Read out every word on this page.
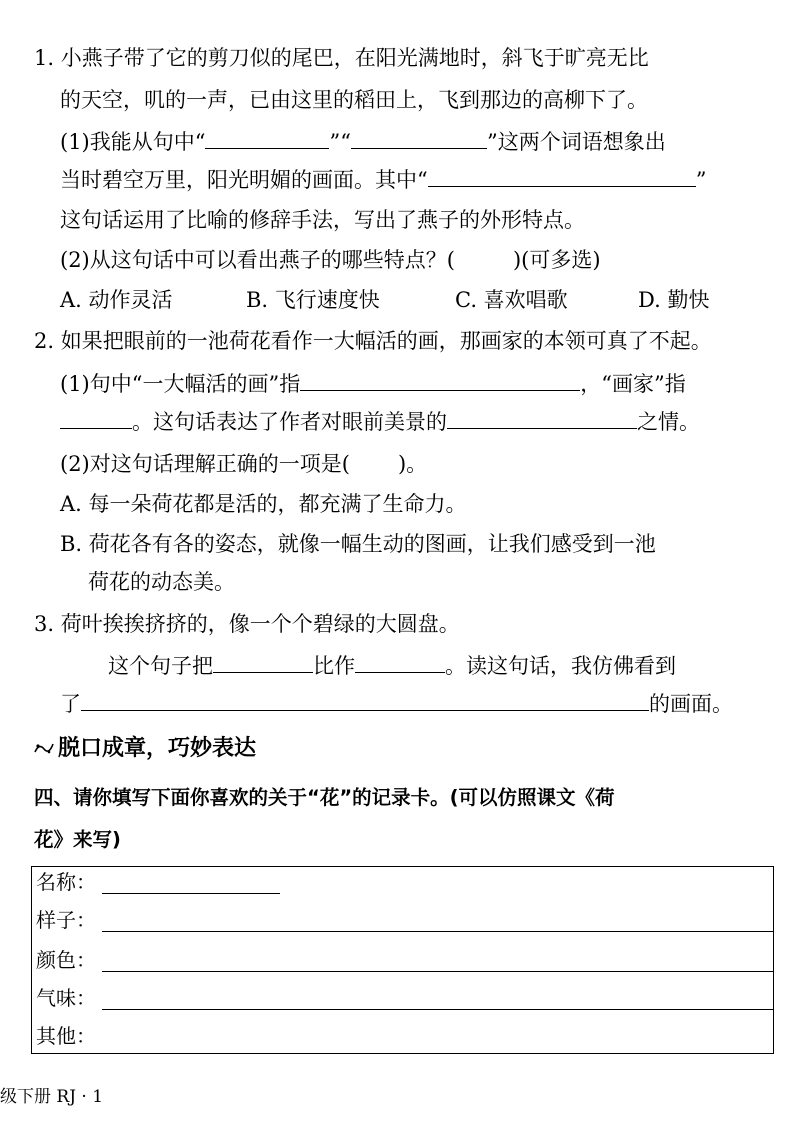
1. 小燕子带了它的剪刀似的尾巴，在阳光满地时，斜飞于旷亮无比
的天空，叽的一声，已由这里的稻田上，飞到那边的高柳下了。
(1)我能从句中“	”“	”这两个词语想象出
当时碧空万里，阳光明媚的画面。其中“	”
这句话运用了比喻的修辞手法，写出了燕子的外形特点。
(2)从这句话中可以看出燕子的哪些特点？(	)(可多选)
A. 动作灵活	B. 飞行速度快	C. 喜欢唱歌	D. 勤快
2. 如果把眼前的一池荷花看作一大幅活的画，那画家的本领可真了不起。
(1)句中“一大幅活的画”指	，“画家”指
。这句话表达了作者对眼前美景的	之情。
(2)对这句话理解正确的一项是( )。
A. 每一朵荷花都是活的，都充满了生命力。
B. 荷花各有各的姿态，就像一幅生动的图画，让我们感受到一池
荷花的动态美。
3. 荷叶挨挨挤挤的，像一个个碧绿的大圆盘。
这个句子把	比作	。读这句话，我仿佛看到
了	的画面。
脱口成章，巧妙表达
四、请你填写下面你喜欢的关于“花”的记录卡。(可以仿照课文《荷
花》来写)
名称：
样子：
颜色：
气味：
其他：
级下册 RJ · 1
